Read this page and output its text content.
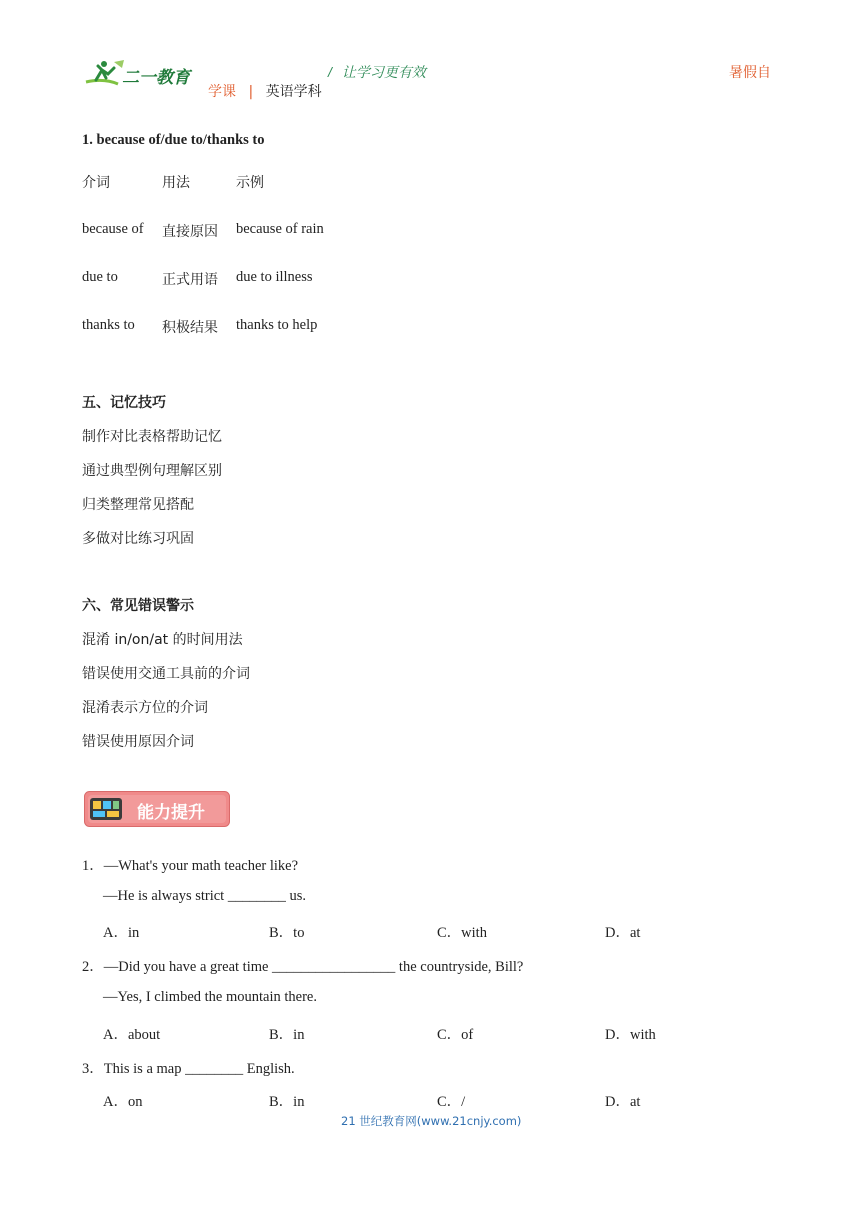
二一教育	/ 让学习更有效	暑假自
学课 | 英语学科
1. because of/due to/thanks to
介词	用法	示例
because of 直接原因 because of rain
due to	正式用语 due to illness
thanks to 积极结果 thanks to help
五、记忆技巧
制作对比表格帮助记忆
通过典型例句理解区别
归类整理常见搭配
多做对比练习巩固
六、常见错误警示
混淆 in/on/at 的时间用法
错误使用交通工具前的介词
混淆表示方位的介词
错误使用原因介词
能力提升
1．—What's your math teacher like?
—He is always strict ________ us.
A．in	B．to	C．with	D．at
2．—Did you have a great time _________________ the countryside, Bill?
—Yes, I climbed the mountain there.
A．about	B．in	C．of	D．with
3．This is a map ________ English.
A．on	B．in	C．/	D．at
21 世纪教育网(www.21cnjy.com)
